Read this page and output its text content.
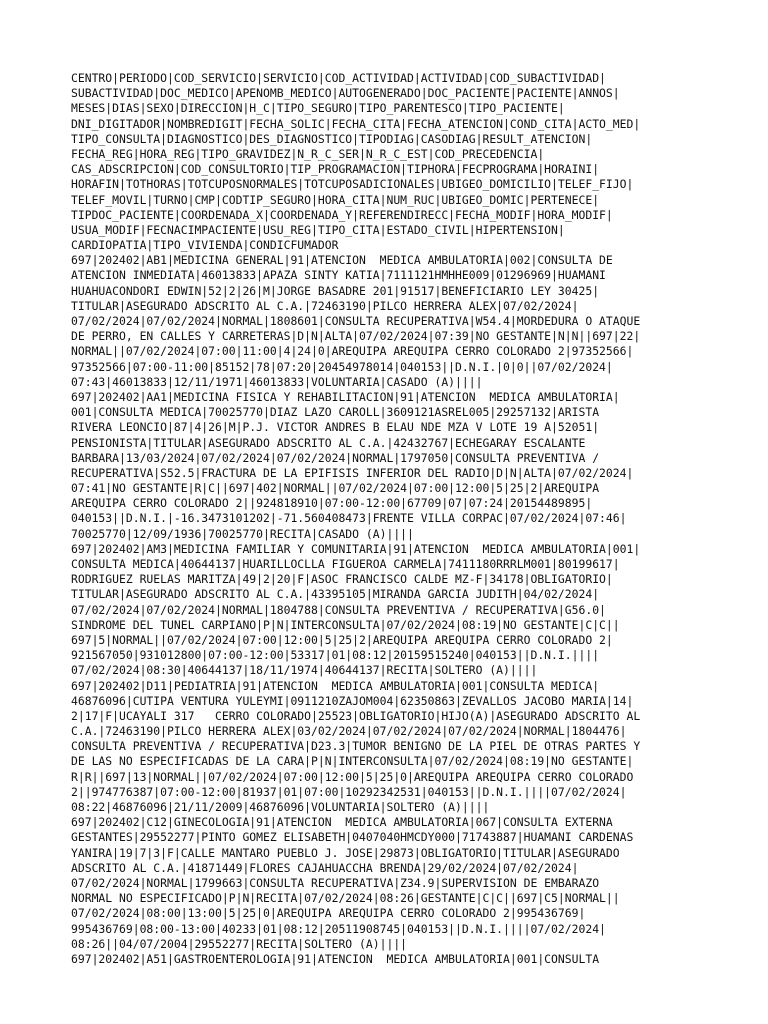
CENTRO|PERIODO|COD_SERVICIO|SERVICIO|COD_ACTIVIDAD|ACTIVIDAD|COD_SUBACTIVIDAD|
SUBACTIVIDAD|DOC_MEDICO|APENOMB_MEDICO|AUTOGENERADO|DOC_PACIENTE|PACIENTE|ANNOS|
MESES|DIAS|SEXO|DIRECCION|H_C|TIPO_SEGURO|TIPO_PARENTESCO|TIPO_PACIENTE|
DNI_DIGITADOR|NOMBREDIGIT|FECHA_SOLIC|FECHA_CITA|FECHA_ATENCION|COND_CITA|ACTO_MED|
TIPO_CONSULTA|DIAGNOSTICO|DES_DIAGNOSTICO|TIPODIAG|CASODIAG|RESULT_ATENCION|
FECHA_REG|HORA_REG|TIPO_GRAVIDEZ|N_R_C_SER|N_R_C_EST|COD_PRECEDENCIA|
CAS_ADSCRIPCION|COD_CONSULTORIO|TIP_PROGRAMACION|TIPHORA|FECPROGRAMA|HORAINI|
HORAFIN|TOTHORAS|TOTCUPOSNORMALES|TOTCUPOSADICIONALES|UBIGEO_DOMICILIO|TELEF_FIJO|
TELEF_MOVIL|TURNO|CMP|CODTIP_SEGURO|HORA_CITA|NUM_RUC|UBIGEO_DOMIC|PERTENECE|
TIPDOC_PACIENTE|COORDENADA_X|COORDENADA_Y|REFERENDIRECC|FECHA_MODIF|HORA_MODIF|
USUA_MODIF|FECNACIMPACIENTE|USU_REG|TIPO_CITA|ESTADO_CIVIL|HIPERTENSION|
CARDIOPATIA|TIPO_VIVIENDA|CONDICFUMADOR
697|202402|AB1|MEDICINA GENERAL|91|ATENCION  MEDICA AMBULATORIA|002|CONSULTA DE
ATENCION INMEDIATA|46013833|APAZA SINTY KATIA|7111121HMHHE009|01296969|HUAMANI
HUAHUACONDORI EDWIN|52|2|26|M|JORGE BASADRE 201|91517|BENEFICIARIO LEY 30425|
TITULAR|ASEGURADO ADSCRITO AL C.A.|72463190|PILCO HERRERA ALEX|07/02/2024|
07/02/2024|07/02/2024|NORMAL|1808601|CONSULTA RECUPERATIVA|W54.4|MORDEDURA O ATAQUE
DE PERRO, EN CALLES Y CARRETERAS|D|N|ALTA|07/02/2024|07:39|NO GESTANTE|N|N||697|22|
NORMAL||07/02/2024|07:00|11:00|4|24|0|AREQUIPA AREQUIPA CERRO COLORADO 2|97352566|
97352566|07:00-11:00|85152|78|07:20|20454978014|040153||D.N.I.|0|0||07/02/2024|
07:43|46013833|12/11/1971|46013833|VOLUNTARIA|CASADO (A)||||
697|202402|AA1|MEDICINA FISICA Y REHABILITACION|91|ATENCION  MEDICA AMBULATORIA|
001|CONSULTA MEDICA|70025770|DIAZ LAZO CAROLL|3609121ASREL005|29257132|ARISTA
RIVERA LEONCIO|87|4|26|M|P.J. VICTOR ANDRES B ELAU NDE MZA V LOTE 19 A|52051|
PENSIONISTA|TITULAR|ASEGURADO ADSCRITO AL C.A.|42432767|ECHEGARAY ESCALANTE
BARBARA|13/03/2024|07/02/2024|07/02/2024|NORMAL|1797050|CONSULTA PREVENTIVA /
RECUPERATIVA|S52.5|FRACTURA DE LA EPIFISIS INFERIOR DEL RADIO|D|N|ALTA|07/02/2024|
07:41|NO GESTANTE|R|C||697|402|NORMAL||07/02/2024|07:00|12:00|5|25|2|AREQUIPA
AREQUIPA CERRO COLORADO 2||924818910|07:00-12:00|67709|07|07:24|20154489895|
040153||D.N.I.|-16.3473101202|-71.560408473|FRENTE VILLA CORPAC|07/02/2024|07:46|
70025770|12/09/1936|70025770|RECITA|CASADO (A)||||
697|202402|AM3|MEDICINA FAMILIAR Y COMUNITARIA|91|ATENCION  MEDICA AMBULATORIA|001|
CONSULTA MEDICA|40644137|HUARILLOCLLA FIGUEROA CARMELA|7411180RRRLM001|80199617|
RODRIGUEZ RUELAS MARITZA|49|2|20|F|ASOC FRANCISCO CALDE MZ-F|34178|OBLIGATORIO|
TITULAR|ASEGURADO ADSCRITO AL C.A.|43395105|MIRANDA GARCIA JUDITH|04/02/2024|
07/02/2024|07/02/2024|NORMAL|1804788|CONSULTA PREVENTIVA / RECUPERATIVA|G56.0|
SINDROME DEL TUNEL CARPIANO|P|N|INTERCONSULTA|07/02/2024|08:19|NO GESTANTE|C|C||
697|5|NORMAL||07/02/2024|07:00|12:00|5|25|2|AREQUIPA AREQUIPA CERRO COLORADO 2|
921567050|931012800|07:00-12:00|53317|01|08:12|20159515240|040153||D.N.I.||||
07/02/2024|08:30|40644137|18/11/1974|40644137|RECITA|SOLTERO (A)||||
697|202402|D11|PEDIATRIA|91|ATENCION  MEDICA AMBULATORIA|001|CONSULTA MEDICA|
46876096|CUTIPA VENTURA YULEYMI|0911210ZAJOM004|62350863|ZEVALLOS JACOBO MARIA|14|
2|17|F|UCAYALI 317   CERRO COLORADO|25523|OBLIGATORIO|HIJO(A)|ASEGURADO ADSCRITO AL
C.A.|72463190|PILCO HERRERA ALEX|03/02/2024|07/02/2024|07/02/2024|NORMAL|1804476|
CONSULTA PREVENTIVA / RECUPERATIVA|D23.3|TUMOR BENIGNO DE LA PIEL DE OTRAS PARTES Y
DE LAS NO ESPECIFICADAS DE LA CARA|P|N|INTERCONSULTA|07/02/2024|08:19|NO GESTANTE|
R|R||697|13|NORMAL||07/02/2024|07:00|12:00|5|25|0|AREQUIPA AREQUIPA CERRO COLORADO
2||974776387|07:00-12:00|81937|01|07:00|10292342531|040153||D.N.I.||||07/02/2024|
08:22|46876096|21/11/2009|46876096|VOLUNTARIA|SOLTERO (A)||||
697|202402|C12|GINECOLOGIA|91|ATENCION  MEDICA AMBULATORIA|067|CONSULTA EXTERNA
GESTANTES|29552277|PINTO GOMEZ ELISABETH|0407040HMCDY000|71743887|HUAMANI CARDENAS
YANIRA|19|7|3|F|CALLE MANTARO PUEBLO J. JOSE|29873|OBLIGATORIO|TITULAR|ASEGURADO
ADSCRITO AL C.A.|41871449|FLORES CAJAHUACCHA BRENDA|29/02/2024|07/02/2024|
07/02/2024|NORMAL|1799663|CONSULTA RECUPERATIVA|Z34.9|SUPERVISION DE EMBARAZO
NORMAL NO ESPECIFICADO|P|N|RECITA|07/02/2024|08:26|GESTANTE|C|C||697|C5|NORMAL||
07/02/2024|08:00|13:00|5|25|0|AREQUIPA AREQUIPA CERRO COLORADO 2|995436769|
995436769|08:00-13:00|40233|01|08:12|20511908745|040153||D.N.I.||||07/02/2024|
08:26||04/07/2004|29552277|RECITA|SOLTERO (A)||||
697|202402|A51|GASTROENTEROLOGIA|91|ATENCION  MEDICA AMBULATORIA|001|CONSULTA
